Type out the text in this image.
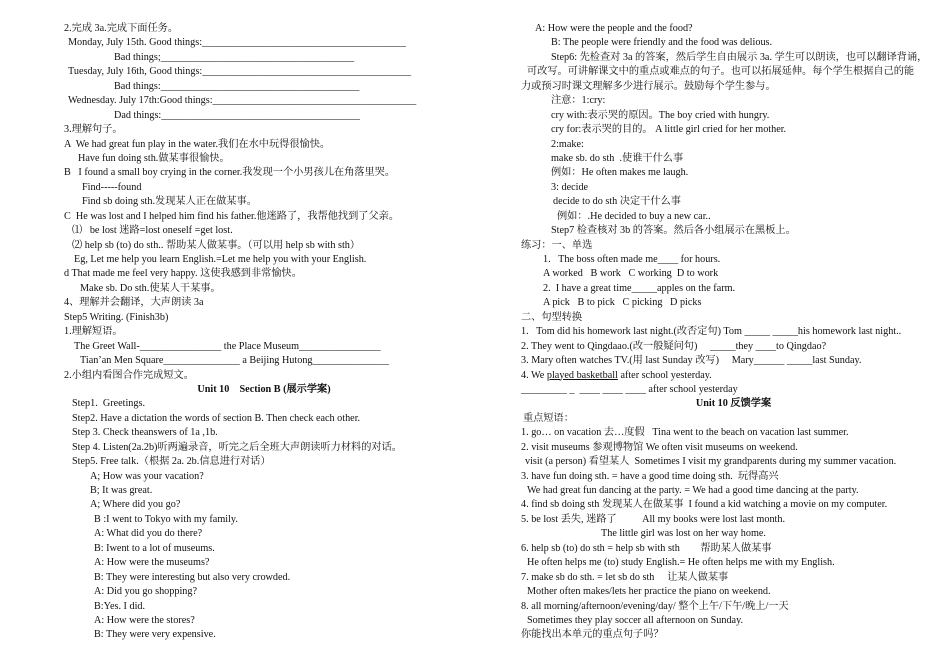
2.完成 3a.完成下面任务。
Monday, July 15th. Good things:________________________________________
Bad things;______________________________________
Tuesday, July 16th, Good things:_________________________________________
Bad things:_______________________________________
Wednesday. July 17th:Good things:________________________________________
Dad things:_______________________________________
3.理解句子。
A  We had great fun play in the water.我们在水中玩得很愉快。
Have fun doing sth.做某事很愉快。
B   I found a small boy crying in the corner.我发现一个小男孩儿在角落里哭。
Find-----found
Find sb doing sth.发现某人正在做某事。
C  He was lost and I helped him find his father.他迷路了，我帮他找到了父亲。
⑴   be lost 迷路=lost oneself =get lost.
⑵ help sb (to) do sth.. 帮助某人做某事。（可以用 help sb with sth）
Eg, Let me help you learn English.=Let me help you with your English.
d That made me feel very happy. 这使我感到非常愉快。
Make sb. Do sth.使某人干某事。
4、理解并会翻译，大声朗读 3a
Step5 Writing. (Finish3b)
1.理解短语。
The Greet Wall-________________ the Place Museum________________
Tian’an Men Square_______________ a Beijing Hutong_______________
2.小组内看图合作完成短文。
Unit 10    Section B (展示学案)
Step1.  Greetings.
Step2. Have a dictation the words of section B. Then check each other.
Step 3. Check theanswers of 1a ,1b.
Step 4. Listen(2a.2b)听两遍录音，听完之后全班大声朗读听力材料的对话。
Step5. Free talk.（根据 2a. 2b.信息进行对话）
A; How was your vacation?
B; It was great.
A; Where did you go?
B :I went to Tokyo with my family.
A: What did you do there?
B: Iwent to a lot of museums.
A: How were the museums?
B: They were interesting but also very crowded.
A: Did you go shopping?
B:Yes. I did.
A: How were the stores?
B: They were very expensive.
A: How were the people and the food?
B: The people were friendly and the food was delious.
Step6: 先检查对 3a 的答案，然后学生自由展示 3a. 学生可以朗读，也可以翻译背诵，
可改写。可讲解课文中的重点或难点的句子。也可以拓展延伸。每个学生根据自己的能
力或预习时课文理解多少进行展示。鼓励每个学生参与。
注意：1:cry:
cry with:表示哭的原因。The boy cried with hungry.
cry for:表示哭的目的。 A little girl cried for her mother.
2:make:
make sb. do sth  .使谁干什么事
例如：He often makes me laugh.
3: decide
decide to do sth 决定干什么事
例如：.He decided to buy a new car..
Step7 检查核对 3b 的答案。然后各小组展示在黑板上。
练习：一、单选
1.   The boss often made me____ for hours.
A worked   B work   C working  D to work
2.  I have a great time_____apples on the farm.
A pick   B to pick   C picking   D picks
二、句型转换
1.   Tom did his homework last night.(改否定句) Tom _____ _____his homework last night..
2. They went to Qingdaao.(改一般疑问句)     _____they ____to Qingdao?
3. Mary often watches TV.(用 last Sunday 改写)     Mary______ _____last Sunday.
4. We played basketball after school yesterday.
_________ _  ____ ____ ____ after school yesterday
Unit 10 反馈学案
重点短语：
1. go… on vacation 去…度假   Tina went to the beach on vacation last summer.
2. visit museums 参观博物馆 We often visit museums on weekend.
visit (a person) 看望某人  Sometimes I visit my grandparents during my summer vacation.
3. have fun doing sth. = have a good time doing sth.  玩得高兴
We had great fun dancing at the party. = We had a good time dancing at the party.
4. find sb doing sth 发现某人在做某事  I found a kid watching a movie on my computer.
5. be lost 丢失, 迷路了          All my books were lost last month.
The little girl was lost on her way home.
6. help sb (to) do sth = help sb with sth        帮助某人做某事
He often helps me (to) study English.= He often helps me with my English.
7. make sb do sth. = let sb do sth     让某人做某事
Mother often makes/lets her practice the piano on weekend.
8. all morning/afternoon/evening/day/ 整个上午/下午/晚上/一天
Sometimes they play soccer all afternoon on Sunday.
你能找出本单元的重点句子吗？
